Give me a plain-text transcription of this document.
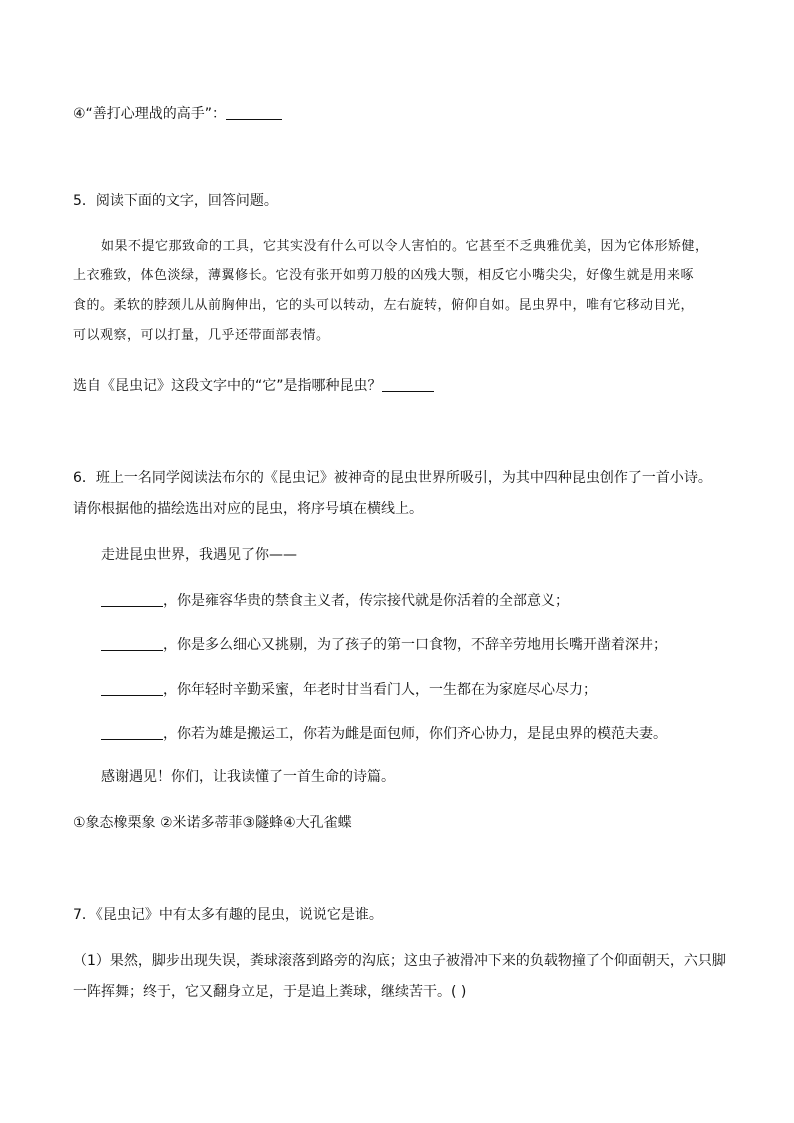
④“善打心理战的高手”：
5．阅读下面的文字，回答问题。
如果不提它那致命的工具，它其实没有什么可以令人害怕的。它甚至不乏典雅优美，因为它体形矫健，
上衣雅致，体色淡绿，薄翼修长。它没有张开如剪刀般的凶残大颚，相反它小嘴尖尖，好像生就是用来啄
食的。柔软的脖颈儿从前胸伸出，它的头可以转动，左右旋转，俯仰自如。昆虫界中，唯有它移动目光，
可以观察，可以打量，几乎还带面部表情。
选自《昆虫记》这段文字中的“它”是指哪种昆虫？
6．班上一名同学阅读法布尔的《昆虫记》被神奇的昆虫世界所吸引，为其中四种昆虫创作了一首小诗。
请你根据他的描绘选出对应的昆虫，将序号填在横线上。
走进昆虫世界，我遇见了你——
，你是雍容华贵的禁食主义者，传宗接代就是你活着的全部意义；
，你是多么细心又挑剔，为了孩子的第一口食物，不辞辛劳地用长嘴开凿着深井；
，你年轻时辛勤采蜜，年老时甘当看门人，一生都在为家庭尽心尽力；
，你若为雄是搬运工，你若为雌是面包师，你们齐心协力，是昆虫界的模范夫妻。
感谢遇见！你们，让我读懂了一首生命的诗篇。
①象态橡栗象 ②米诺多蒂菲③隧蜂④大孔雀蝶
7．《昆虫记》中有太多有趣的昆虫，说说它是谁。
（1）果然，脚步出现失误，粪球滚落到路旁的沟底；这虫子被滑冲下来的负载物撞了个仰面朝天，六只脚
一阵挥舞；终于，它又翻身立足，于是追上粪球，继续苦干。( )
